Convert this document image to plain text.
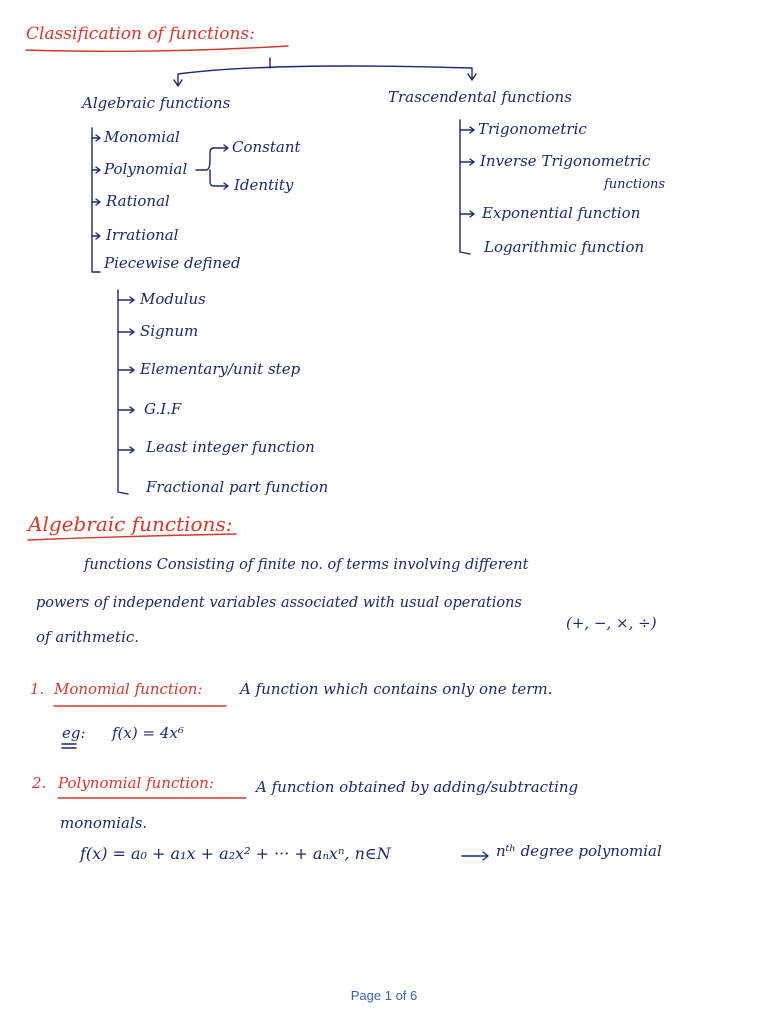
Classification of functions:
Algebraic functions
Monomial
Polynomial
Rational
Irrational
Piecewise defined
Constant
Identity
Modulus
Signum
Elementary/unit step
G.I.F
Least integer function
Fractional part function
Trascendental functions
Trigonometric
Inverse Trigonometric
functions
Exponential function
Logarithmic function
Algebraic functions:
functions Consisting of finite no. of terms involving different
powers of independent variables associated with usual operations
(+, −, ×, ÷)
of arithmetic.
1. Monomial function:	A function which contains only one term.
eg: f(x) = 4x⁶
2. Polynomial function:	A function obtained by adding/subtracting
monomials.
f(x) = a₀ + a₁x + a₂x² + ··· + aₙxⁿ, n∈N	nᵗʰ degree polynomial
Page 1 of 6
